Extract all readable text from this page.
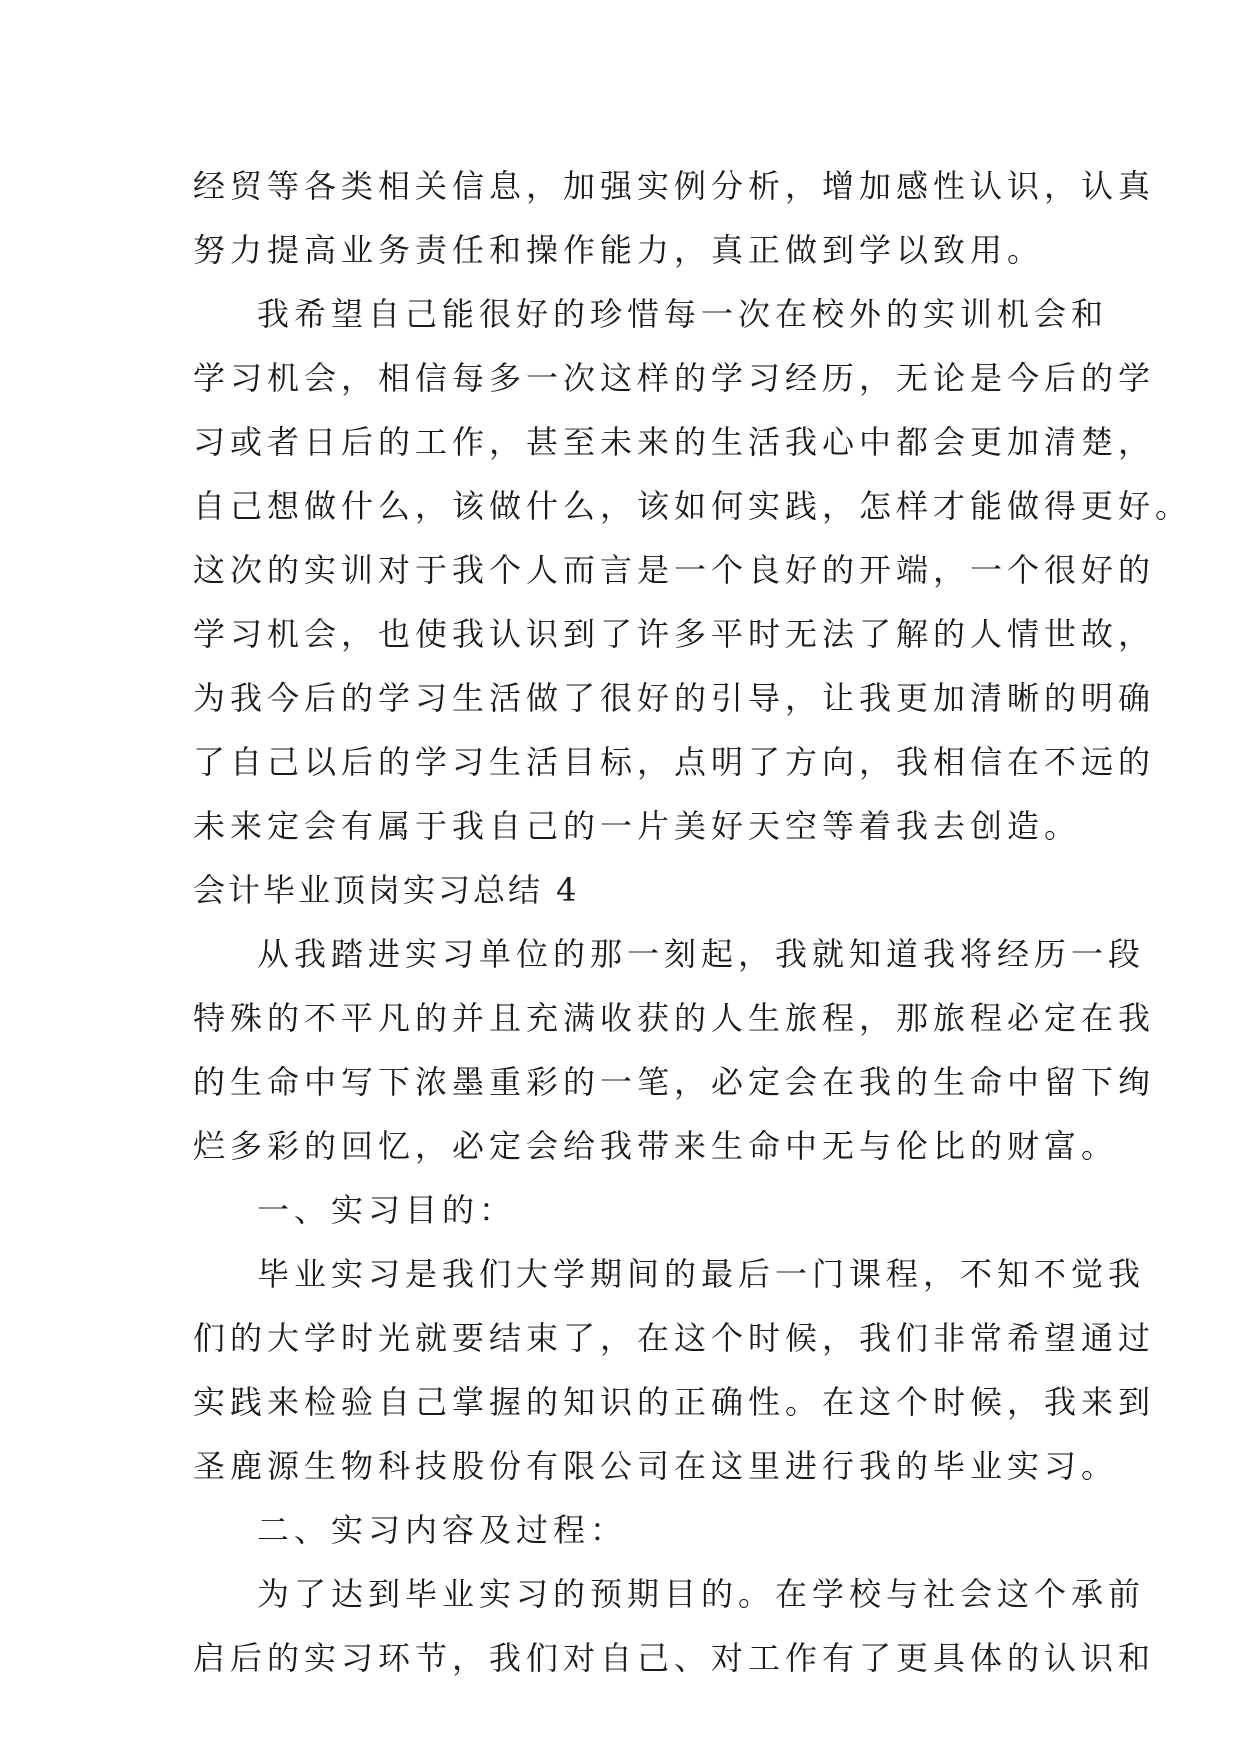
经贸等各类相关信息，加强实例分析，增加感性认识，认真
努力提高业务责任和操作能力，真正做到学以致用。
我希望自己能很好的珍惜每一次在校外的实训机会和
学习机会，相信每多一次这样的学习经历，无论是今后的学
习或者日后的工作，甚至未来的生活我心中都会更加清楚，
自己想做什么，该做什么，该如何实践，怎样才能做得更好。
这次的实训对于我个人而言是一个良好的开端，一个很好的
学习机会，也使我认识到了许多平时无法了解的人情世故，
为我今后的学习生活做了很好的引导，让我更加清晰的明确
了自己以后的学习生活目标，点明了方向，我相信在不远的
未来定会有属于我自己的一片美好天空等着我去创造。
会计毕业顶岗实习总结 4
从我踏进实习单位的那一刻起，我就知道我将经历一段
特殊的不平凡的并且充满收获的人生旅程，那旅程必定在我
的生命中写下浓墨重彩的一笔，必定会在我的生命中留下绚
烂多彩的回忆，必定会给我带来生命中无与伦比的财富。
一、实习目的：
毕业实习是我们大学期间的最后一门课程，不知不觉我
们的大学时光就要结束了，在这个时候，我们非常希望通过
实践来检验自己掌握的知识的正确性。在这个时候，我来到
圣鹿源生物科技股份有限公司在这里进行我的毕业实习。
二、实习内容及过程：
为了达到毕业实习的预期目的。在学校与社会这个承前
启后的实习环节，我们对自己、对工作有了更具体的认识和
